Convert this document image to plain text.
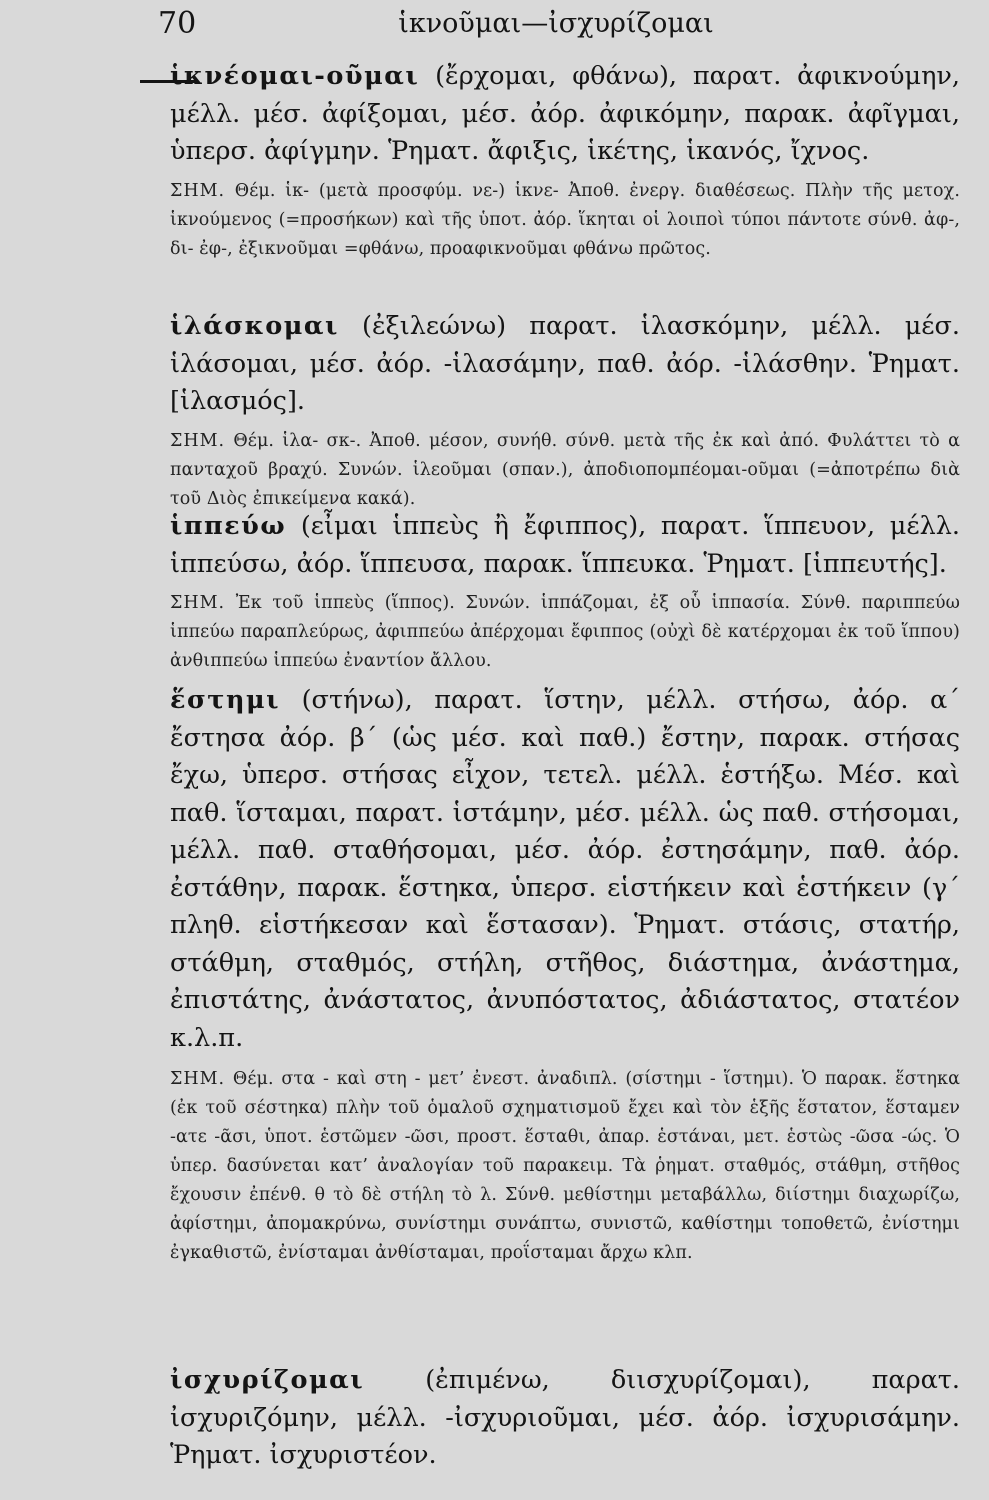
70	ἱκνοῦμαι—ἰσχυρίζομαι

ἱκνέομαι-οῦμαι (ἔρχομαι, φθάνω), παρατ. ἀφικνούμην, μέλλ. μέσ. ἀφίξομαι, μέσ. ἀόρ. ἀφικόμην, παρακ. ἀφῖγμαι, ὑπερσ. ἀφίγμην. Ῥηματ. ἄφιξις, ἱκέτης, ἱκανός, ἴχνος.

ΣΗΜ. Θέμ. ἱκ- (μετὰ προσφύμ. νε-) ἱκνε- Ἀποθ. ἐνεργ. διαθέσεως. Πλὴν τῆς μετοχ. ἱκνούμενος (=προσήκων) καὶ τῆς ὑποτ. ἀόρ. ἵκηται οἱ λοιποὶ τύποι πάντοτε σύνθ. ἀφ-, δι- ἐφ-, ἐξικνοῦμαι =φθάνω, προαφικνοῦμαι φθάνω πρῶτος.

ἱλάσκομαι (ἐξιλεώνω) παρατ. ἱλασκόμην, μέλλ. μέσ. ἱλάσομαι, μέσ. ἀόρ. -ἱλασάμην, παθ. ἀόρ. -ἱλάσθην. Ῥηματ. [ἱλασμός].

ΣΗΜ. Θέμ. ἱλα- σκ-. Ἀποθ. μέσον, συνήθ. σύνθ. μετὰ τῆς ἐκ καὶ ἀπό. Φυλάττει τὸ α πανταχοῦ βραχύ. Συνών. ἱλεοῦμαι (σπαν.), ἀποδιοπομπέομαι-οῦμαι (=ἀποτρέπω διὰ τοῦ Διὸς ἐπικείμενα κακά).

ἱππεύω (εἶμαι ἱππεὺς ἢ ἔφιππος), παρατ. ἵππευον, μέλλ. ἱππεύσω, ἀόρ. ἵππευσα, παρακ. ἵππευκα. Ῥηματ. [ἱππευτής].

ΣΗΜ. Ἐκ τοῦ ἱππεὺς (ἵππος). Συνών. ἱππάζομαι, ἐξ οὗ ἱππασία. Σύνθ. παριππεύω ἱππεύω παραπλεύρως, ἀφιππεύω ἀπέρχομαι ἔφιππος (οὐχὶ δὲ κατέρχομαι ἐκ τοῦ ἵππου) ἀνθιππεύω ἱππεύω ἐναντίον ἄλλου.

ἕστημι (στήνω), παρατ. ἵστην, μέλλ. στήσω, ἀόρ. α΄ ἔστησα ἀόρ. β΄ (ὡς μέσ. καὶ παθ.) ἔστην, παρακ. στήσας ἔχω, ὑπερσ. στήσας εἶχον, τετελ. μέλλ. ἑστήξω. Μέσ. καὶ παθ. ἵσταμαι, παρατ. ἱστάμην, μέσ. μέλλ. ὡς παθ. στήσομαι, μέλλ. παθ. σταθήσομαι, μέσ. ἀόρ. ἐστησάμην, παθ. ἀόρ. ἐστάθην, παρακ. ἕστηκα, ὑπερσ. εἱστήκειν καὶ ἑστήκειν (γ΄ πληθ. εἱστήκεσαν καὶ ἕστασαν). Ῥηματ. στάσις, στατήρ, στάθμη, σταθμός, στήλη, στῆθος, διάστημα, ἀνάστημα, ἐπιστάτης, ἀνάστατος, ἀνυπόστατος, ἀδιάστατος, στατέον κ.λ.π.

ΣΗΜ. Θέμ. στα - καὶ στη - μετ’ ἐνεστ. ἀναδιπλ. (σίστημι - ἵστημι). Ὁ παρακ. ἕστηκα (ἐκ τοῦ σέστηκα) πλὴν τοῦ ὁμαλοῦ σχηματισμοῦ ἔχει καὶ τὸν ἑξῆς ἕστατον, ἕσταμεν -ατε -ᾶσι, ὑποτ. ἑστῶμεν -ῶσι, προστ. ἕσταθι, ἀπαρ. ἑστάναι, μετ. ἑστὼς -ῶσα -ώς. Ὁ ὑπερ. δασύνεται κατ’ ἀναλογίαν τοῦ παρακειμ. Τὰ ῥηματ. σταθμός, στάθμη, στῆθος ἔχουσιν ἐπένθ. θ τὸ δὲ στήλη τὸ λ. Σύνθ. μεθίστημι μεταβάλλω, διίστημι διαχωρίζω, ἀφίστημι, ἀπομακρύνω, συνίστημι συνάπτω, συνιστῶ, καθίστημι τοποθετῶ, ἐνίστημι ἐγκαθιστῶ, ἐνίσταμαι ἀνθίσταμαι, προΐσταμαι ἄρχω κλπ.

ἰσχυρίζομαι (ἐπιμένω, διισχυρίζομαι), παρατ. ἰσχυριζόμην, μέλλ. -ἰσχυριοῦμαι, μέσ. ἀόρ. ἰσχυρισάμην. Ῥηματ. ἰσχυριστέον.
